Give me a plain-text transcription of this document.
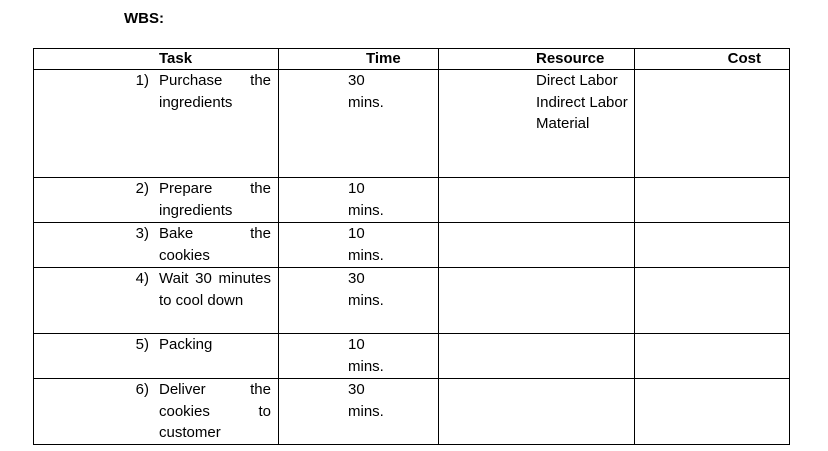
WBS:
Task	Time	Resource	Cost

1) Purchase the ingredients	30 mins.	Direct Labor
Indirect Labor
Material	

2) Prepare the ingredients	10 mins.		

3) Bake the cookies	10 mins.		

4) Wait 30 minutes to cool down	30 mins.		

5) Packing	10 mins.		

6) Deliver the cookies to customer	30 mins.		
